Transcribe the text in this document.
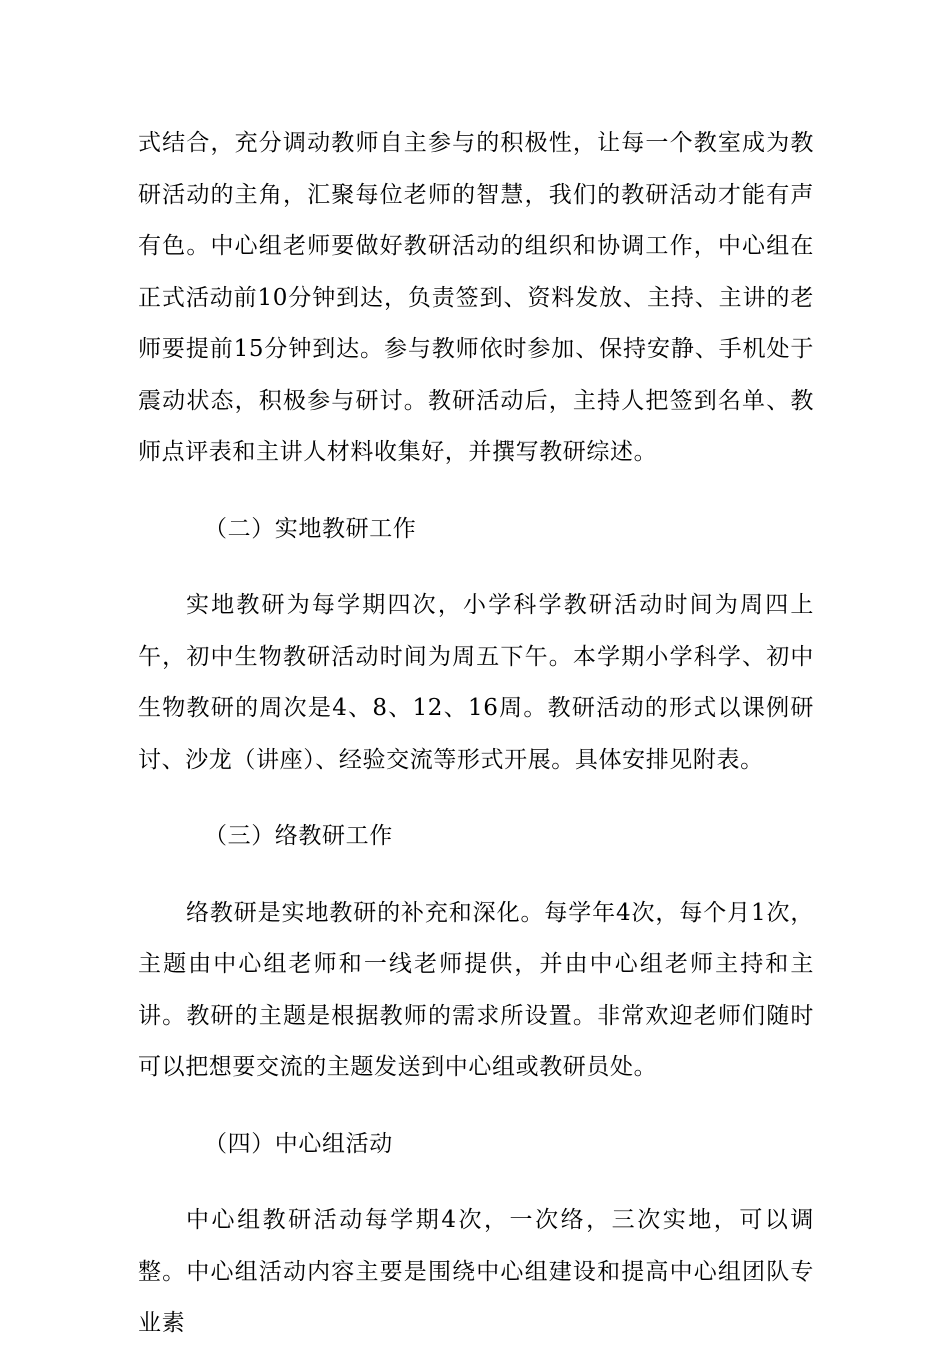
式结合，充分调动教师自主参与的积极性，让每一个教室成为教研活动的主角，汇聚每位老师的智慧，我们的教研活动才能有声有色。中心组老师要做好教研活动的组织和协调工作，中心组在正式活动前10分钟到达，负责签到、资料发放、主持、主讲的老师要提前15分钟到达。参与教师依时参加、保持安静、手机处于震动状态，积极参与研讨。教研活动后，主持人把签到名单、教师点评表和主讲人材料收集好，并撰写教研综述。

（二）实地教研工作

实地教研为每学期四次，小学科学教研活动时间为周四上午，初中生物教研活动时间为周五下午。本学期小学科学、初中生物教研的周次是4、8、12、16周。教研活动的形式以课例研讨、沙龙（讲座）、经验交流等形式开展。具体安排见附表。

（三）络教研工作

络教研是实地教研的补充和深化。每学年4次，每个月1次，主题由中心组老师和一线老师提供，并由中心组老师主持和主讲。教研的主题是根据教师的需求所设置。非常欢迎老师们随时可以把想要交流的主题发送到中心组或教研员处。

（四）中心组活动

中心组教研活动每学期4次，一次络，三次实地，可以调整。中心组活动内容主要是围绕中心组建设和提高中心组团队专业素
